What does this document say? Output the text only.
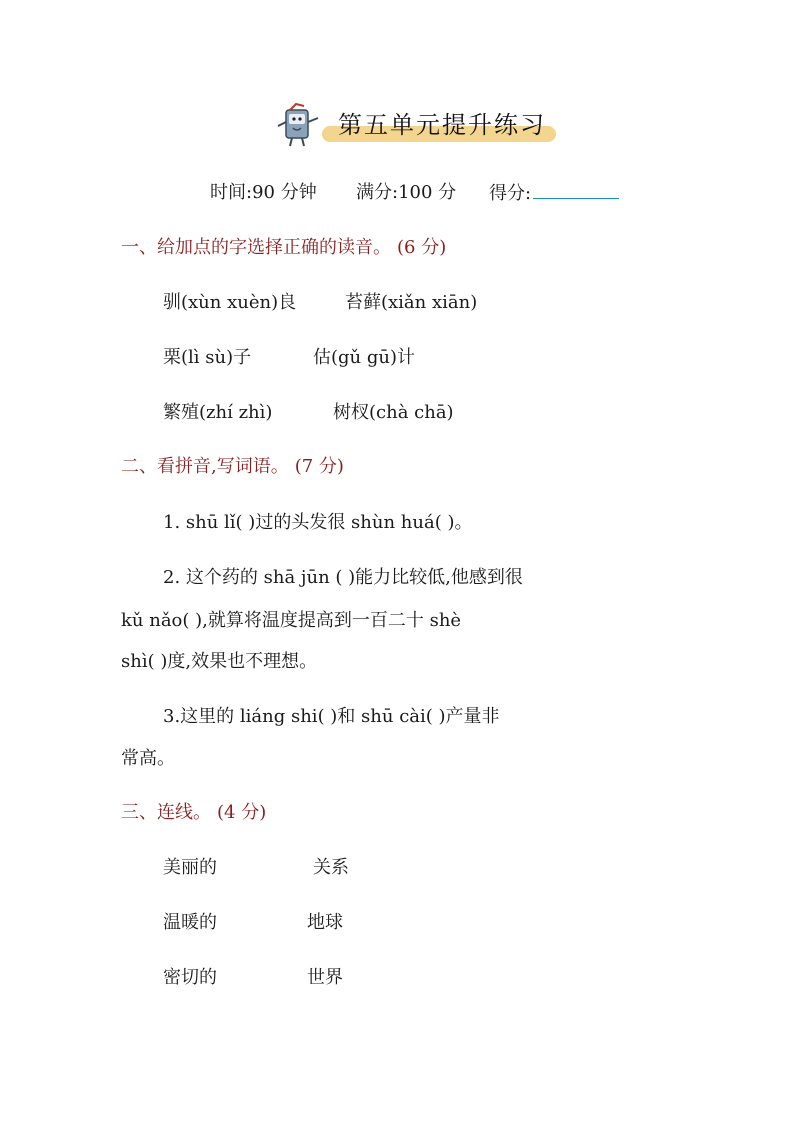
第五单元提升练习
时间:90 分钟 满分:100 分 得分:
一、给加点的字选择正确的读音。 (6 分)
驯(xùn xuèn)良	苔藓(xiǎn xiān)
栗(lì sù)子	估(gǔ gū)计
繁殖(zhí zhì)	树杈(chà chā)
二、看拼音,写词语。 (7 分)
1. shū lǐ( )过的头发很 shùn huá( )。
2. 这个药的 shā jūn ( )能力比较低,他感到很
kǔ nǎo( ),就算将温度提高到一百二十 shè
shì( )度,效果也不理想。
3.这里的 liáng shi( )和 shū cài( )产量非
常高。
三、连线。 (4 分)
美丽的	关系
温暖的	地球
密切的	世界
